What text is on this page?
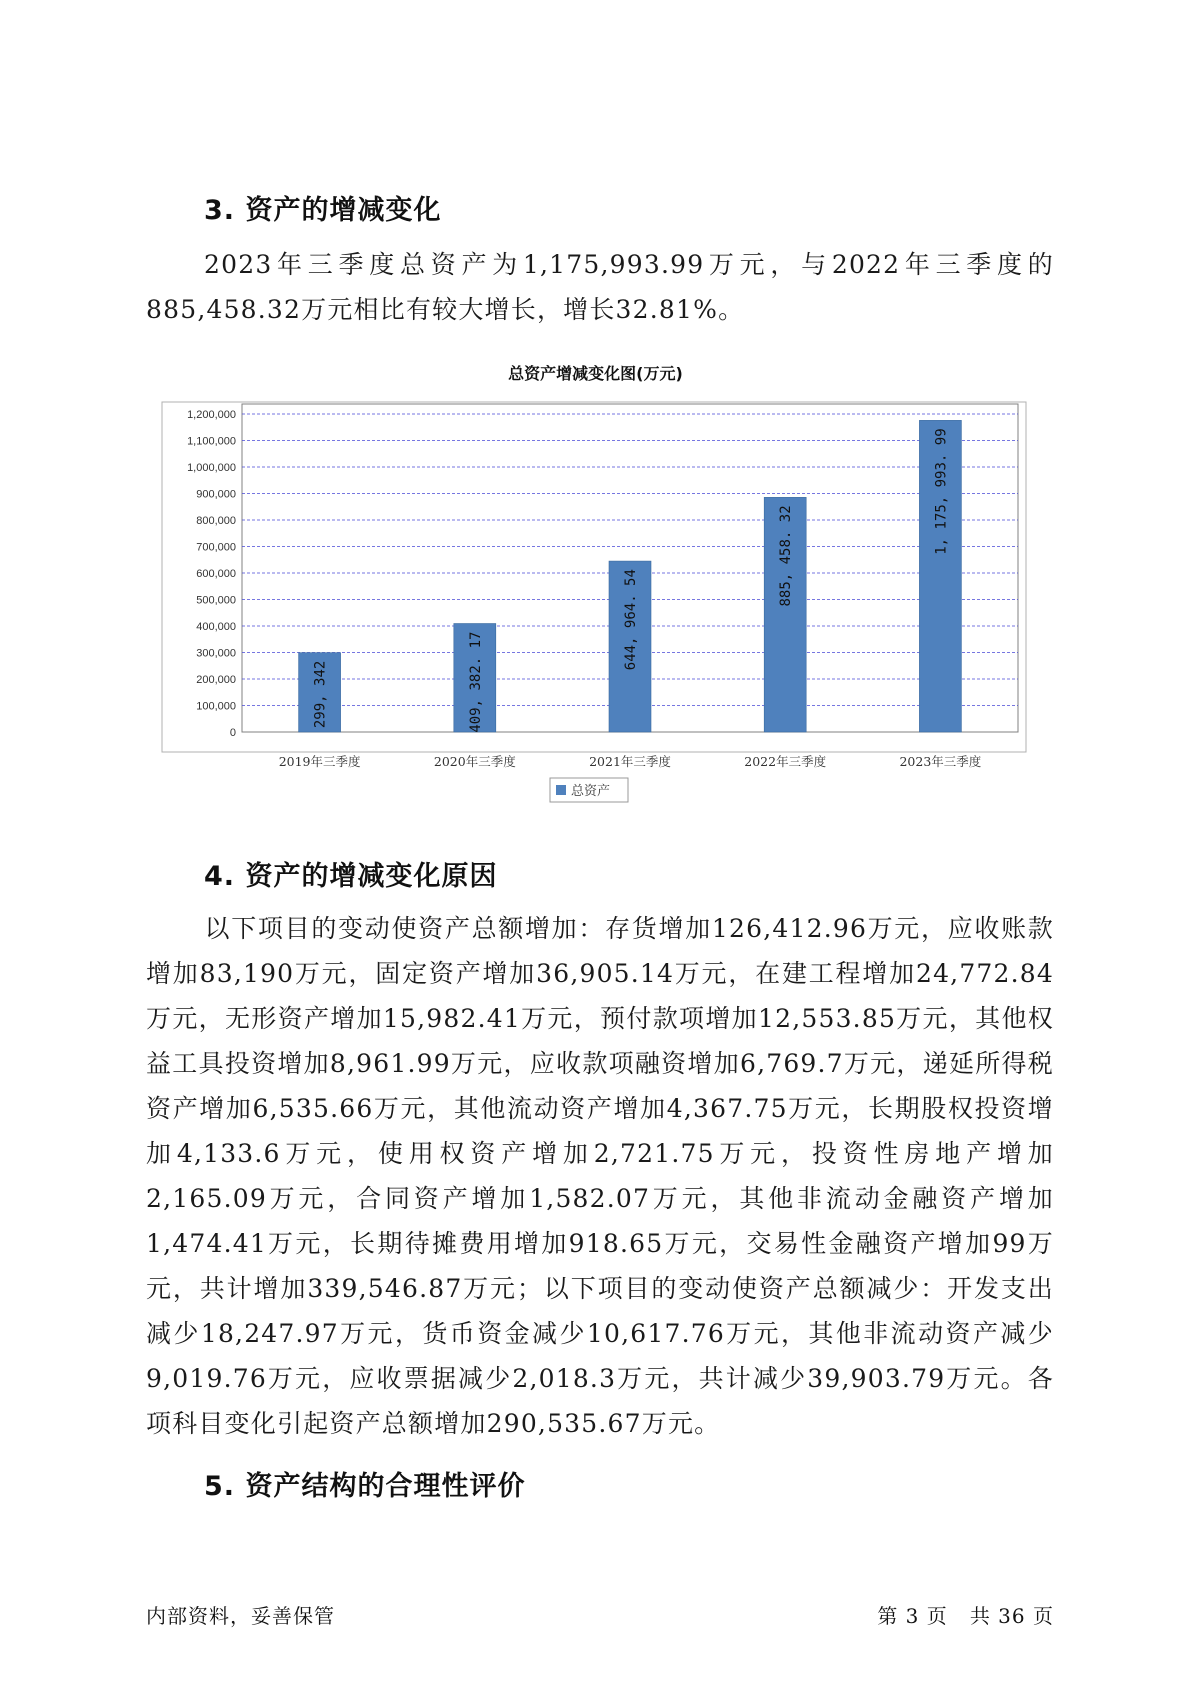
3. 资产的增减变化
2023年三季度总资产为1,175,993.99万元，与2022年三季度的885,458.32万元相比有较大增长，增长32.81%。
总资产增减变化图(万元)
0
100,000
200,000
300,000
400,000
500,000
600,000
700,000
800,000
900,000
1,000,000
1,100,000
1,200,000
299, 342
2019年三季度
409, 382. 17
2020年三季度
644, 964. 54
2021年三季度
885, 458. 32
2022年三季度
1, 175, 993. 99
2023年三季度
总资产
4. 资产的增减变化原因
以下项目的变动使资产总额增加：存货增加126,412.96万元，应收账款增加83,190万元，固定资产增加36,905.14万元，在建工程增加24,772.84万元，无形资产增加15,982.41万元，预付款项增加12,553.85万元，其他权益工具投资增加8,961.99万元，应收款项融资增加6,769.7万元，递延所得税资产增加6,535.66万元，其他流动资产增加4,367.75万元，长期股权投资增加4,133.6万元，使用权资产增加2,721.75万元，投资性房地产增加2,165.09万元，合同资产增加1,582.07万元，其他非流动金融资产增加1,474.41万元，长期待摊费用增加918.65万元，交易性金融资产增加99万元，共计增加339,546.87万元；以下项目的变动使资产总额减少：开发支出减少18,247.97万元，货币资金减少10,617.76万元，其他非流动资产减少9,019.76万元，应收票据减少2,018.3万元，共计减少39,903.79万元。各项科目变化引起资产总额增加290,535.67万元。
5. 资产结构的合理性评价
内部资料，妥善保管	第 3 页   共 36 页
